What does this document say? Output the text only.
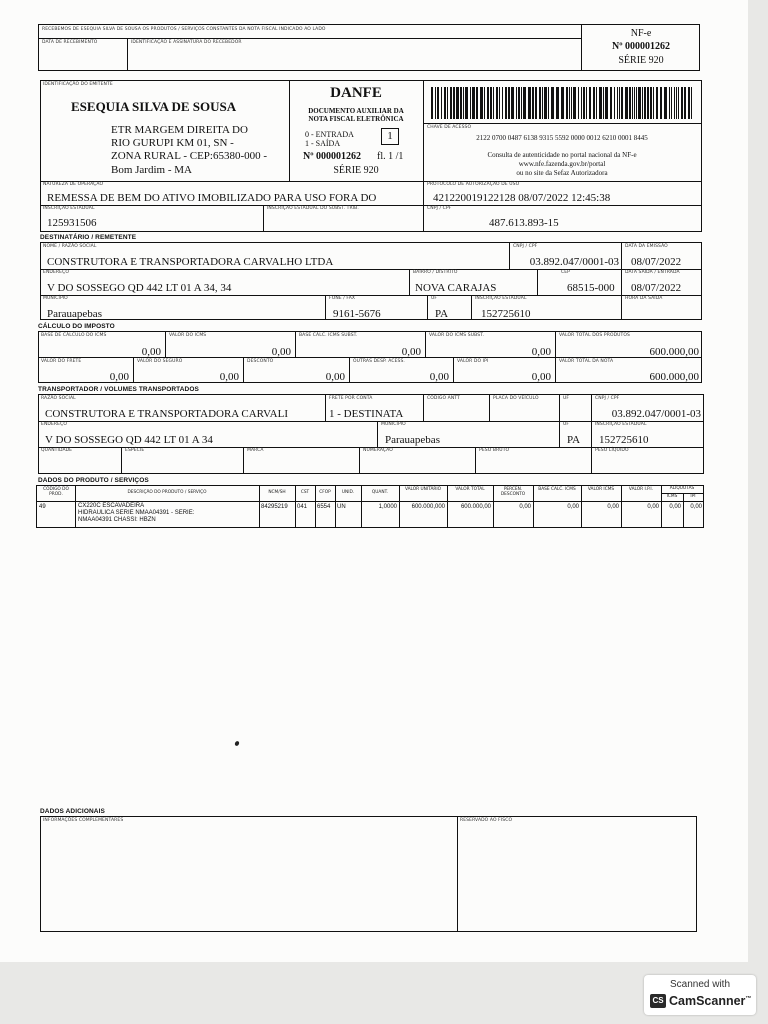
RECEBEMOS DE ESEQUIA SILVA DE SOUSA OS PRODUTOS / SERVIÇOS CONSTANTES DA NOTA FISCAL INDICADO AO LADO
DATA DE RECEBIMENTO	IDENTIFICAÇÃO E ASSINATURA DO RECEBEDOR
NF-e
Nº 000001262
SÉRIE 920
IDENTIFICAÇÃO DO EMITENTE
ESEQUIA SILVA DE SOUSA
ETR MARGEM DIREITA DO
RIO GURUPI KM 01, SN -
ZONA RURAL - CEP:65380-000 -
Bom Jardim - MA
DANFE
DOCUMENTO AUXILIAR DA
NOTA FISCAL ELETRÔNICA
0 - ENTRADA
1 - SAÍDA
1
Nº 000001262 fl. 1 /1
SÉRIE 920
CHAVE DE ACESSO
2122 0700 0487 6138 9315 5592 0000 0012 6210 0001 8445
Consulta de autenticidade no portal nacional da NF-e
www.nfe.fazenda.gov.br/portal
ou no site da Sefaz Autorizadora
NATUREZA DE OPERAÇÃO
REMESSA DE BEM DO ATIVO IMOBILIZADO PARA USO FORA DO
PROTOCOLO DE AUTORIZAÇÃO DE USO
421220019122128 08/07/2022 12:45:38
INSCRIÇÃO ESTADUAL
125931506
INSCRIÇÃO ESTADUAL DO SUBST. TRIB.	CNPJ / CPF
487.613.893-15
DESTINATÁRIO / REMETENTE
NOME / RAZÃO SOCIAL
CONSTRUTORA E TRANSPORTADORA CARVALHO LTDA
CNPJ / CPF
03.892.047/0001-03
DATA DA EMISSÃO
08/07/2022
ENDEREÇO
V DO SOSSEGO QD 442 LT 01 A 34, 34
BAIRRO / DISTRITO
NOVA CARAJAS
CEP
68515-000
DATA SAÍDA / ENTRADA
08/07/2022
MUNICÍPIO
Parauapebas
FONE / FAX
9161-5676
UF
PA
INSCRIÇÃO ESTADUAL
152725610
HORA DA SAÍDA
CÁLCULO DO IMPOSTO
BASE DE CÁLCULO DO ICMS
0,00
VALOR DO ICMS
0,00
BASE CÁLC. ICMS SUBST.
0,00
VALOR DO ICMS SUBST.
0,00
VALOR TOTAL DOS PRODUTOS
600.000,00
VALOR DO FRETE
0,00
VALOR DO SEGURO
0,00
DESCONTO
0,00
OUTRAS DESP. ACESS.
0,00
VALOR DO IPI
0,00
VALOR TOTAL DA NOTA
600.000,00
TRANSPORTADOR / VOLUMES TRANSPORTADOS
RAZÃO SOCIAL
CONSTRUTORA E TRANSPORTADORA CARVALI
FRETE POR CONTA
1 - DESTINATA
CÓDIGO ANTT	PLACA DO VEÍCULO	UF	CNPJ / CPF
03.892.047/0001-03
ENDEREÇO
V DO SOSSEGO QD 442 LT 01 A 34
MUNICÍPIO
Parauapebas
UF
PA
INSCRIÇÃO ESTADUAL
152725610
QUANTIDADE	ESPÉCIE	MARCA	NUMERAÇÃO	PESO BRUTO	PESO LÍQUIDO
DADOS DO PRODUTO / SERVIÇOS
CÓDIGO DO PROD.	DESCRIÇÃO DO PRODUTO / SERVIÇO	NCM/SH	CST	CFOP	UNID.	QUANT.
VALOR UNITÁRIO	VALOR TOTAL	PERCEN. DESCONTO
BASE CALC. ICMS	VALOR ICMS	VALOR I.P.I.	ALÍQUOTAS
ICMS	IPI
49	CX220C ESCAVADEIRA
HIDRAULICA SERIE NMAA04391 - SERIE:
NMAA04391 CHASSI: HBZN
84295219 041 6554 UN	1,0000	600.000,000	600.000,00	0,00	0,00	0,00	0,00	0,00	0,00
DADOS ADICIONAIS
INFORMAÇÕES COMPLEMENTARES	RESERVADO AO FISCO
Scanned with
CS CamScanner™
